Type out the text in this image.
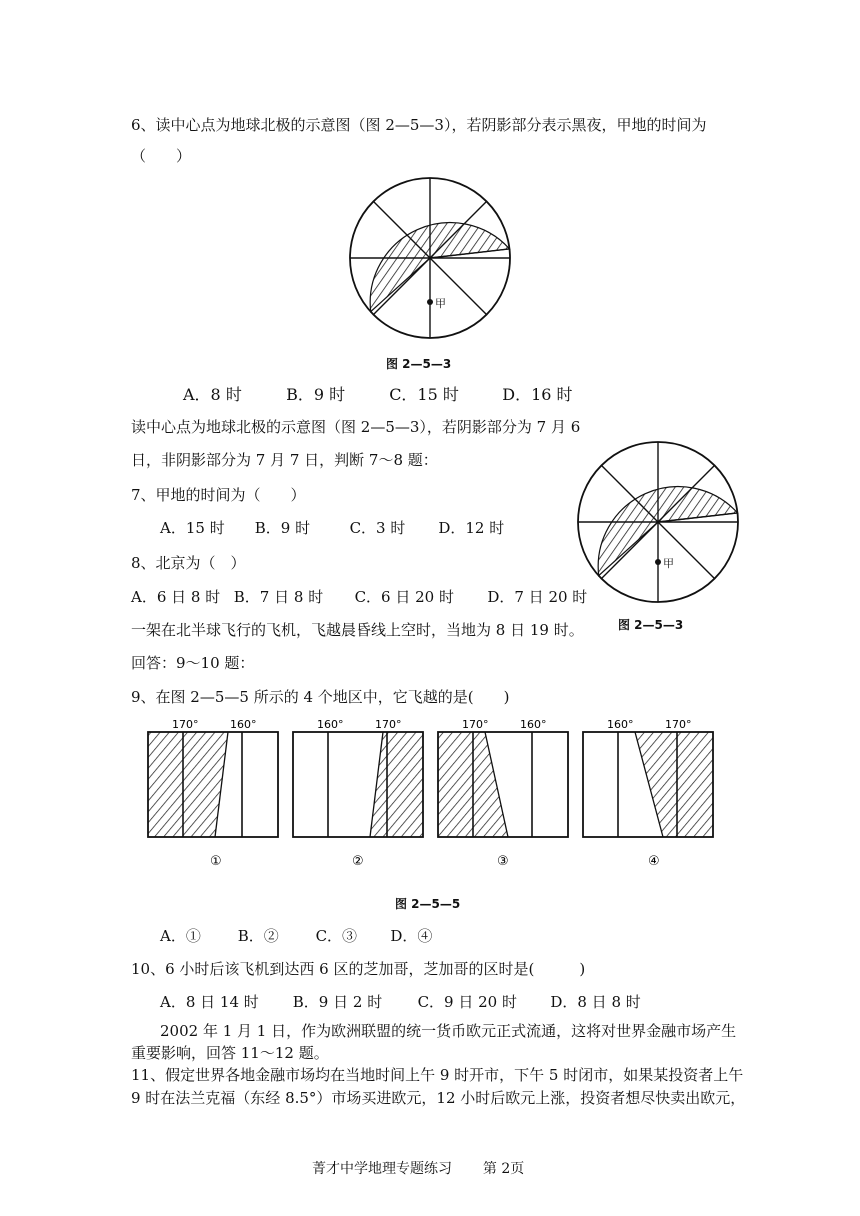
6、读中心点为地球北极的示意图（图 2—5—3），若阴影部分表示黑夜，甲地的时间为
（　　）
甲
图 2—5—3
A．8 时	B．9 时	C．15 时	D．16 时
读中心点为地球北极的示意图（图 2—5—3），若阴影部分为 7 月 6
日，非阴影部分为 7 月 7 日，判断 7～8 题：
甲
图 2—5—3
7、甲地的时间为（　　）
A．15 时 B．9 时	C．3 时 D．12 时
8、北京为（　）
A．6 日 8 时 B．7 日 8 时 C．6 日 20 时 D．7 日 20 时
一架在北半球飞行的飞机，飞越晨昏线上空时，当地为 8 日 19 时。
回答：9～10 题：
9、在图 2—5—5 所示的 4 个地区中，它飞越的是(　　)
170°	160°
①
160°	170°
②
170°	160°
③
160°	170°
④
图 2—5—5
A．① B．② C．③ D．④
10、6 小时后该飞机到达西 6 区的芝加哥，芝加哥的区时是(　　　)
A．8 日 14 时 B．9 日 2 时 C．9 日 20 时 D．8 日 8 时
2002 年 1 月 1 日，作为欧洲联盟的统一货币欧元正式流通，这将对世界金融市场产生
重要影响，回答 11～12 题。
11、假定世界各地金融市场均在当地时间上午 9 时开市，下午 5 时闭市，如果某投资者上午
9 时在法兰克福（东经 8.5°）市场买进欧元，12 小时后欧元上涨，投资者想尽快卖出欧元，
菁才中学地理专题练习 第 2页
